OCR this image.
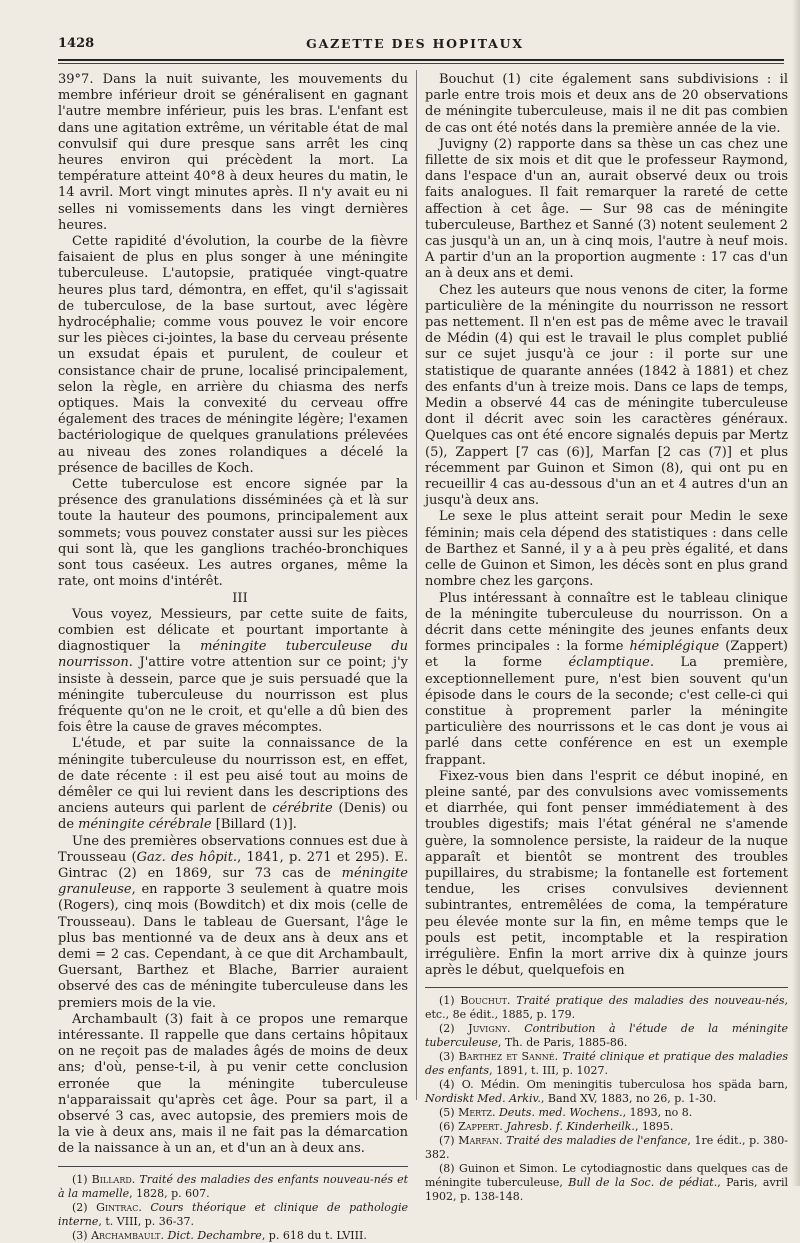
1428	GAZETTE DES HOPITAUX

39°7. Dans la nuit suivante, les mouvements du membre inférieur droit se généralisent en gagnant l'autre membre inférieur, puis les bras. L'enfant est dans une agitation extrême, un véritable état de mal convulsif qui dure presque sans arrêt les cinq heures environ qui précèdent la mort. La température atteint 40°8 à deux heures du matin, le 14 avril. Mort vingt minutes après. Il n'y avait eu ni selles ni vomissements dans les vingt dernières heures.

Cette rapidité d'évolution, la courbe de la fièvre faisaient de plus en plus songer à une méningite tuberculeuse. L'autopsie, pratiquée vingt-quatre heures plus tard, démontra, en effet, qu'il s'agissait de tuberculose, de la base surtout, avec légère hydrocéphalie; comme vous pouvez le voir encore sur les pièces ci-jointes, la base du cerveau présente un exsudat épais et purulent, de couleur et consistance chair de prune, localisé principalement, selon la règle, en arrière du chiasma des nerfs optiques. Mais la convexité du cerveau offre également des traces de méningite légère; l'examen bactériologique de quelques granulations prélevées au niveau des zones rolandiques a décelé la présence de bacilles de Koch.

Cette tuberculose est encore signée par la présence des granulations disséminées çà et là sur toute la hauteur des poumons, principalement aux sommets; vous pouvez constater aussi sur les pièces qui sont là, que les ganglions trachéo-bronchiques sont tous caséeux. Les autres organes, même la rate, ont moins d'intérêt.

III

Vous voyez, Messieurs, par cette suite de faits, combien est délicate et pourtant importante à diagnostiquer la méningite tuberculeuse du nourrisson. J'attire votre attention sur ce point; j'y insiste à dessein, parce que je suis persuadé que la méningite tuberculeuse du nourrisson est plus fréquente qu'on ne le croit, et qu'elle a dû bien des fois être la cause de graves mécomptes.

L'étude, et par suite la connaissance de la méningite tuberculeuse du nourrisson est, en effet, de date récente : il est peu aisé tout au moins de démêler ce qui lui revient dans les descriptions des anciens auteurs qui parlent de cérébrite (Denis) ou de méningite cérébrale [Billard (1)].

Une des premières observations connues est due à Trousseau (Gaz. des hôpit., 1841, p. 271 et 295). E. Gintrac (2) en 1869, sur 73 cas de méningite granuleuse, en rapporte 3 seulement à quatre mois (Rogers), cinq mois (Bowditch) et dix mois (celle de Trousseau). Dans le tableau de Guersant, l'âge le plus bas mentionné va de deux ans à deux ans et demi = 2 cas. Cependant, à ce que dit Archambault, Guersant, Barthez et Blache, Barrier auraient observé des cas de méningite tuberculeuse dans les premiers mois de la vie.

Archambault (3) fait à ce propos une remarque intéressante. Il rappelle que dans certains hôpitaux on ne reçoit pas de malades âgés de moins de deux ans; d'où, pense-t-il, à pu venir cette conclusion erronée que la méningite tuberculeuse n'apparaissait qu'après cet âge. Pour sa part, il a observé 3 cas, avec autopsie, des premiers mois de la vie à deux ans, mais il ne fait pas la démarcation de la naissance à un an, et d'un an à deux ans.

(1) Billard. Traité des maladies des enfants nouveau-nés et à la mamelle, 1828, p. 607.

(2) Gintrac. Cours théorique et clinique de pathologie interne, t. VIII, p. 36-37.

(3) Archambault. Dict. Dechambre, p. 618 du t. LVIII.

Bouchut (1) cite également sans subdivisions : il parle entre trois mois et deux ans de 20 observations de méningite tuberculeuse, mais il ne dit pas combien de cas ont été notés dans la première année de la vie.

Juvigny (2) rapporte dans sa thèse un cas chez une fillette de six mois et dit que le professeur Raymond, dans l'espace d'un an, aurait observé deux ou trois faits analogues. Il fait remarquer la rareté de cette affection à cet âge. — Sur 98 cas de méningite tuberculeuse, Barthez et Sanné (3) notent seulement 2 cas jusqu'à un an, un à cinq mois, l'autre à neuf mois. A partir d'un an la proportion augmente : 17 cas d'un an à deux ans et demi.

Chez les auteurs que nous venons de citer, la forme particulière de la méningite du nourrisson ne ressort pas nettement. Il n'en est pas de même avec le travail de Médin (4) qui est le travail le plus complet publié sur ce sujet jusqu'à ce jour : il porte sur une statistique de quarante années (1842 à 1881) et chez des enfants d'un à treize mois. Dans ce laps de temps, Medin a observé 44 cas de méningite tuberculeuse dont il décrit avec soin les caractères généraux. Quelques cas ont été encore signalés depuis par Mertz (5), Zappert [7 cas (6)], Marfan [2 cas (7)] et plus récemment par Guinon et Simon (8), qui ont pu en recueillir 4 cas au-dessous d'un an et 4 autres d'un an jusqu'à deux ans.

Le sexe le plus atteint serait pour Medin le sexe féminin; mais cela dépend des statistiques : dans celle de Barthez et Sanné, il y a à peu près égalité, et dans celle de Guinon et Simon, les décès sont en plus grand nombre chez les garçons.

Plus intéressant à connaître est le tableau clinique de la méningite tuberculeuse du nourrisson. On a décrit dans cette méningite des jeunes enfants deux formes principales : la forme hémiplégique (Zappert) et la forme éclamptique. La première, exceptionnellement pure, n'est bien souvent qu'un épisode dans le cours de la seconde; c'est celle-ci qui constitue à proprement parler la méningite particulière des nourrissons et le cas dont je vous ai parlé dans cette conférence en est un exemple frappant.

Fixez-vous bien dans l'esprit ce début inopiné, en pleine santé, par des convulsions avec vomissements et diarrhée, qui font penser immédiatement à des troubles digestifs; mais l'état général ne s'amende guère, la somnolence persiste, la raideur de la nuque apparaît et bientôt se montrent des troubles pupillaires, du strabisme; la fontanelle est fortement tendue, les crises convulsives deviennent subintrantes, entremêlées de coma, la température peu élevée monte sur la fin, en même temps que le pouls est petit, incomptable et la respiration irrégulière. Enfin la mort arrive dix à quinze jours après le début, quelquefois en

(1) Bouchut. Traité pratique des maladies des nouveau-nés, etc., 8e édit., 1885, p. 179.

(2) Juvigny. Contribution à l'étude de la méningite tuberculeuse, Th. de Paris, 1885-86.

(3) Barthez et Sanné. Traité clinique et pratique des maladies des enfants, 1891, t. III, p. 1027.

(4) O. Médin. Om meningitis tuberculosa hos späda barn, Nordiskt Med. Arkiv., Band XV, 1883, no 26, p. 1-30.

(5) Mertz. Deuts. med. Wochens., 1893, no 8.

(6) Zappert. Jahresb. f. Kinderheilk., 1895.

(7) Marfan. Traité des maladies de l'enfance, 1re édit., p. 380-382.

(8) Guinon et Simon. Le cytodiagnostic dans quelques cas de méningite tuberculeuse, Bull de la Soc. de pédiat., Paris, avril 1902, p. 138-148.
